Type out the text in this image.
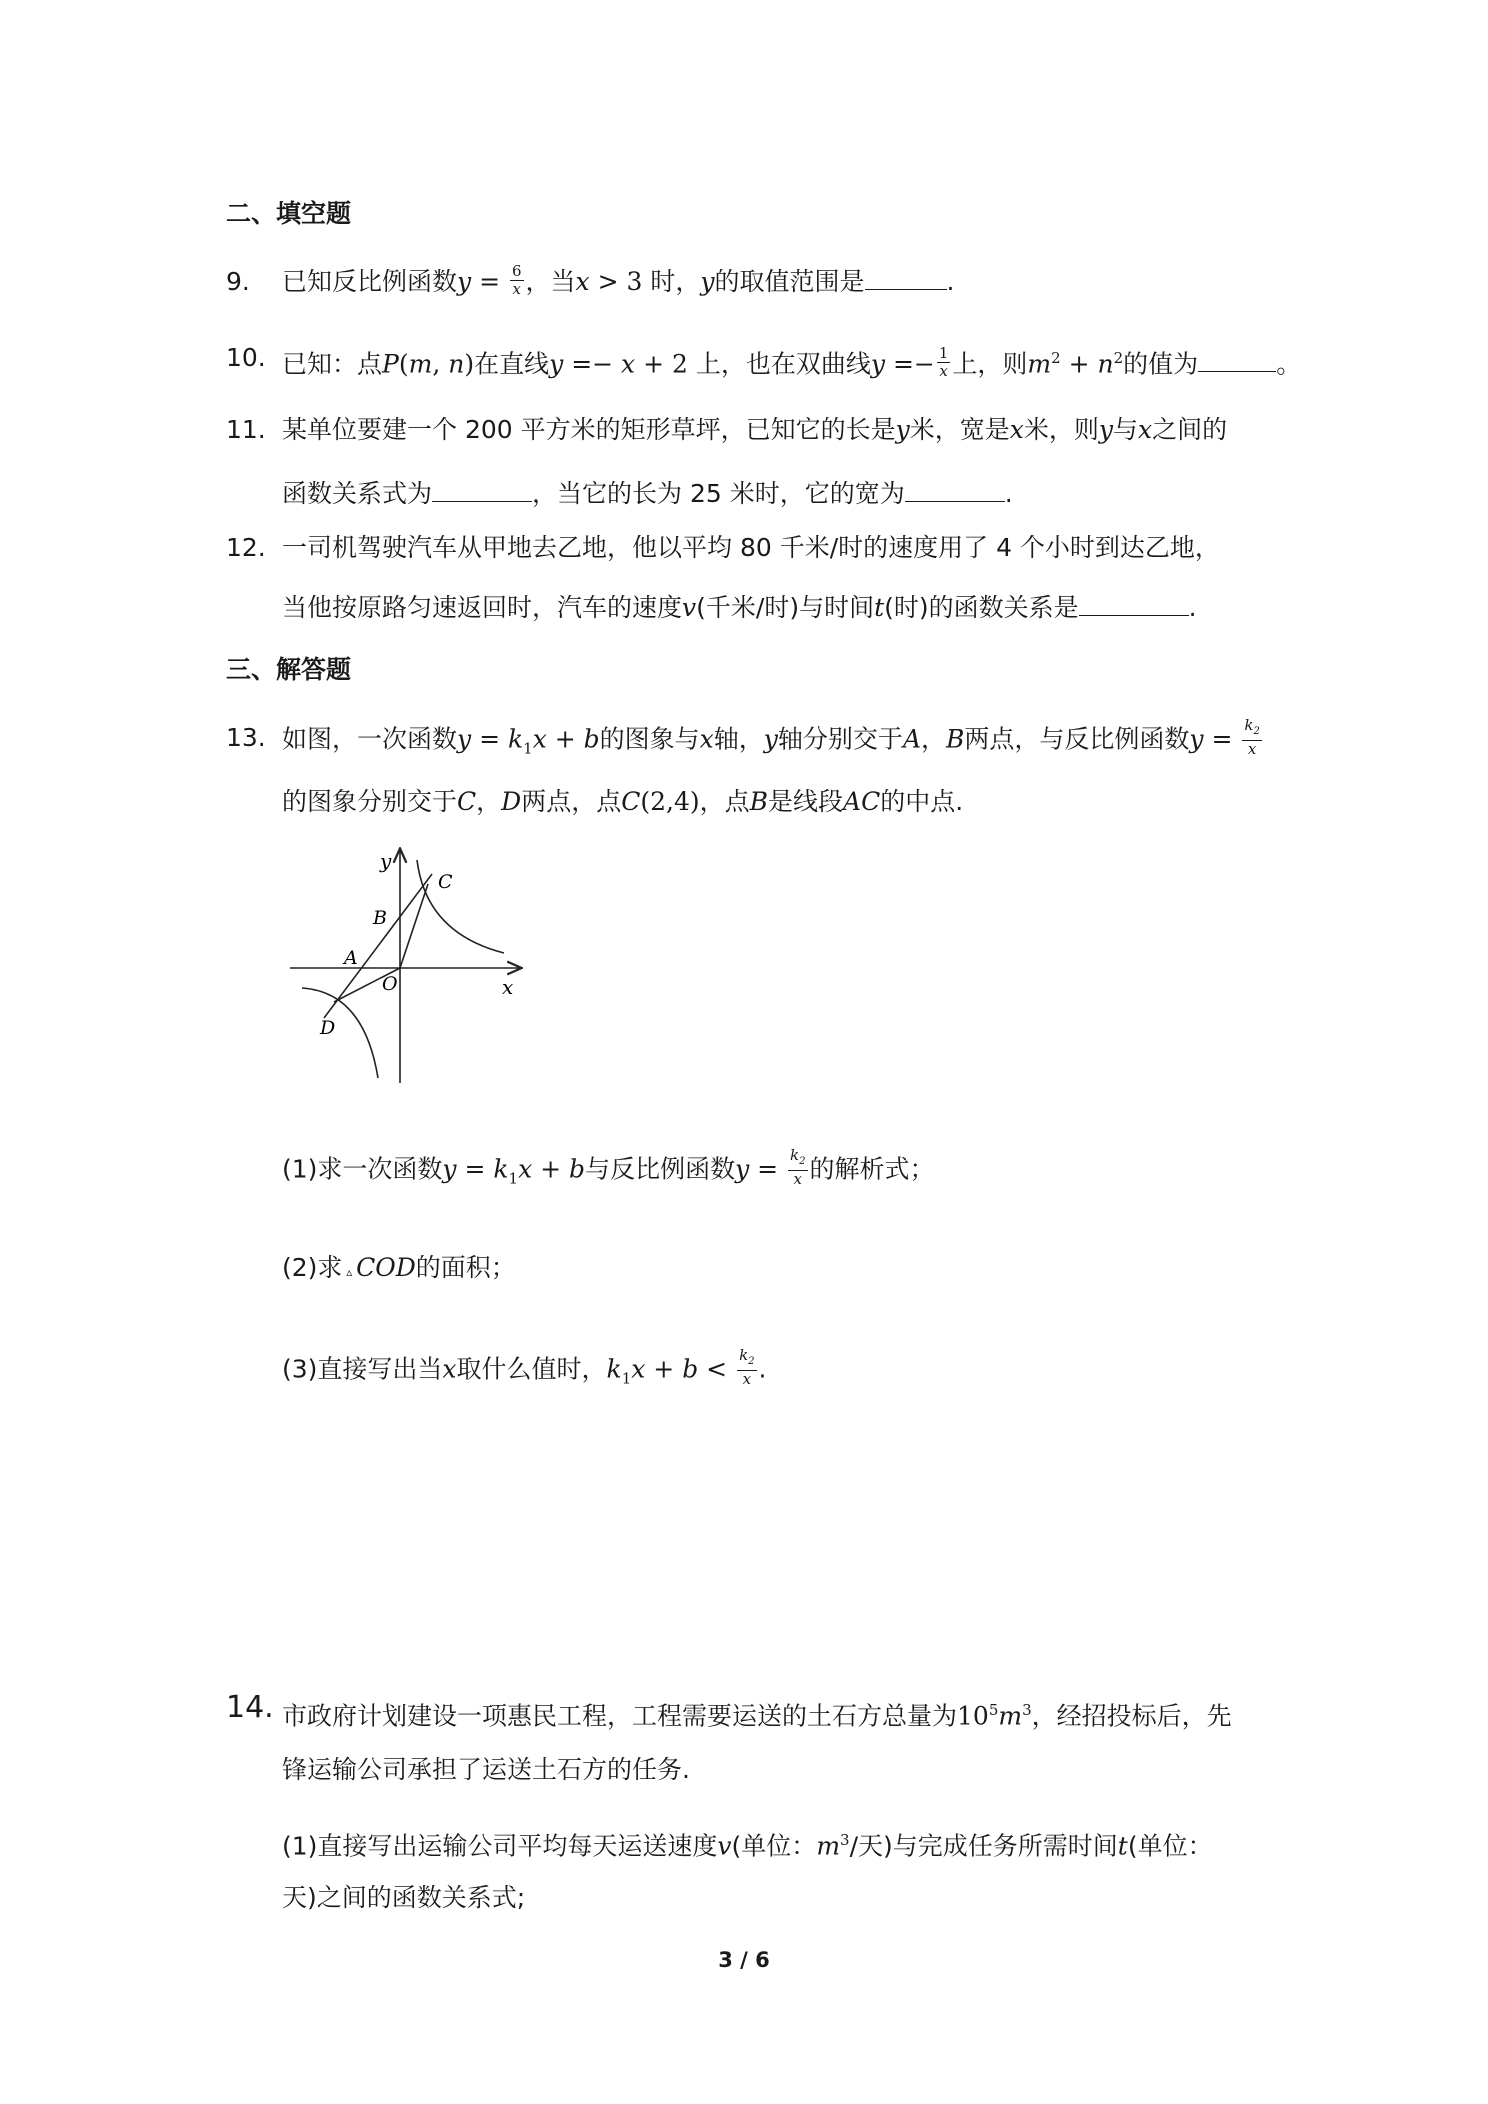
二、填空题
9. 已知反比例函数$y = \frac{6}{x}$ ，当x > 3 时，y的取值范围是	.
10. 已知：点P(m, n)在直线y =− x + 2 上，也在双曲线$y =- \frac{1}{x}$ 上，则$m^2 + n^2$的值为	。
11. 某单位要建一个 200 平方米的矩形草坪，已知它的长是y米，宽是x米，则y与x之间的
函数关系式为	，当它的长为 25 米时，它的宽为	.
12. 一司机驾驶汽车从甲地去乙地，他以平均 80 千米/时的速度用了 4 个小时到达乙地，
当他按原路匀速返回时，汽车的速度v(千米/时)与时间t(时)的函数关系是	.
三、解答题
13. 如图，一次函数$y = k_1x + b$的图象与x轴，y轴分别交于A，B两点，与反比例函数$y = \frac{k_2}{x}$
的图象分别交于C，D两点，点C(2,4)，点B是线段AC的中点.
y
x
B
C
A
O
D
(1)求一次函数$y = k_1x + b$与反比例函数$y = \frac{k_2}{x}$ 的解析式；
(2)求 ▵ COD的面积；
(3)直接写出当x取什么值时，$k_1x + b < \frac{k_2}{x}$ .
14. 市政府计划建设一项惠民工程，工程需要运送的土石方总量为$10^5m^3$，经招投标后，先
锋运输公司承担了运送土石方的任务.
(1)直接写出运输公司平均每天运送速度v(单位：$m^3/$天)与完成任务所需时间t(单位：
3 / 6
天)之间的函数关系式;
